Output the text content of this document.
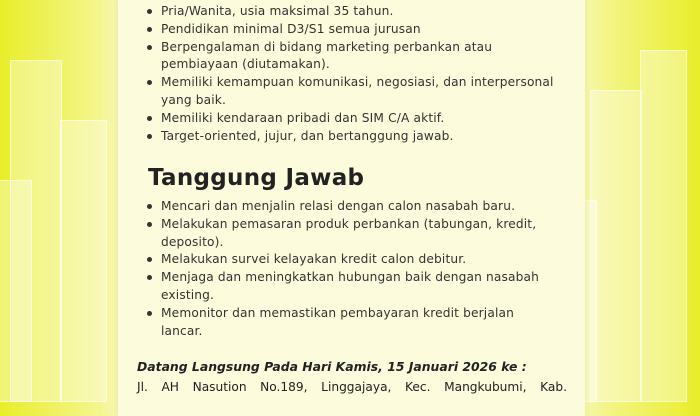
Pria/Wanita, usia maksimal 35 tahun.
Pendidikan minimal D3/S1 semua jurusan
Berpengalaman di bidang marketing perbankan atau pembiayaan (diutamakan).
Memiliki kemampuan komunikasi, negosiasi, dan interpersonal yang baik.
Memiliki kendaraan pribadi dan SIM C/A aktif.
Target-oriented, jujur, dan bertanggung jawab.
Tanggung Jawab
Mencari dan menjalin relasi dengan calon nasabah baru.
Melakukan pemasaran produk perbankan (tabungan, kredit, deposito).
Melakukan survei kelayakan kredit calon debitur.
Menjaga dan meningkatkan hubungan baik dengan nasabah existing.
Memonitor dan memastikan pembayaran kredit berjalan lancar.

Datang Langsung Pada Hari Kamis, 15 Januari 2026 ke :

Jl. AH Nasution No.189, Linggajaya, Kec. Mangkubumi, Kab.
